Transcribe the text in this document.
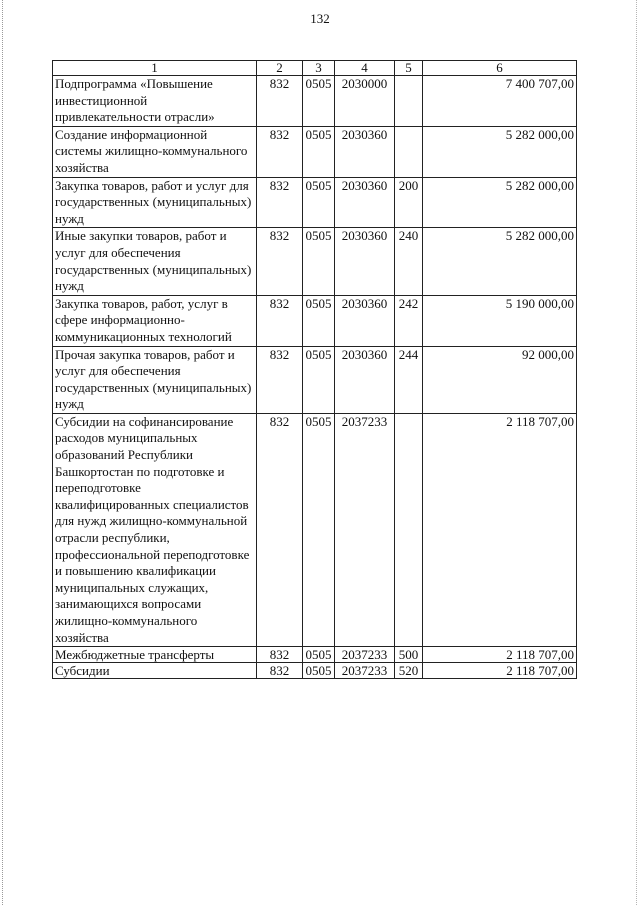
132
1	2	3	4	5	6
Подпрограмма «Повышение инвестиционной привлекательности отрасли»	832	0505	2030000		7 400 707,00
Создание информационной системы жилищно-коммунального хозяйства	832	0505	2030360		5 282 000,00
Закупка товаров, работ и услуг для государственных (муниципальных) нужд	832	0505	2030360	200	5 282 000,00
Иные закупки товаров, работ и услуг для обеспечения государственных (муниципальных) нужд	832	0505	2030360	240	5 282 000,00
Закупка товаров, работ, услуг в сфере информационно-коммуникационных технологий	832	0505	2030360	242	5 190 000,00
Прочая закупка товаров, работ и услуг для обеспечения государственных (муниципальных) нужд	832	0505	2030360	244	92 000,00
Субсидии на софинансирование расходов муниципальных образований Республики Башкортостан по подготовке и переподготовке квалифицированных специалистов для нужд жилищно-коммунальной отрасли республики, профессиональной переподготовке и повышению квалификации муниципальных служащих, занимающихся вопросами жилищно-коммунального хозяйства	832	0505	2037233		2 118 707,00
Межбюджетные трансферты	832	0505	2037233	500	2 118 707,00
Субсидии	832	0505	2037233	520	2 118 707,00
